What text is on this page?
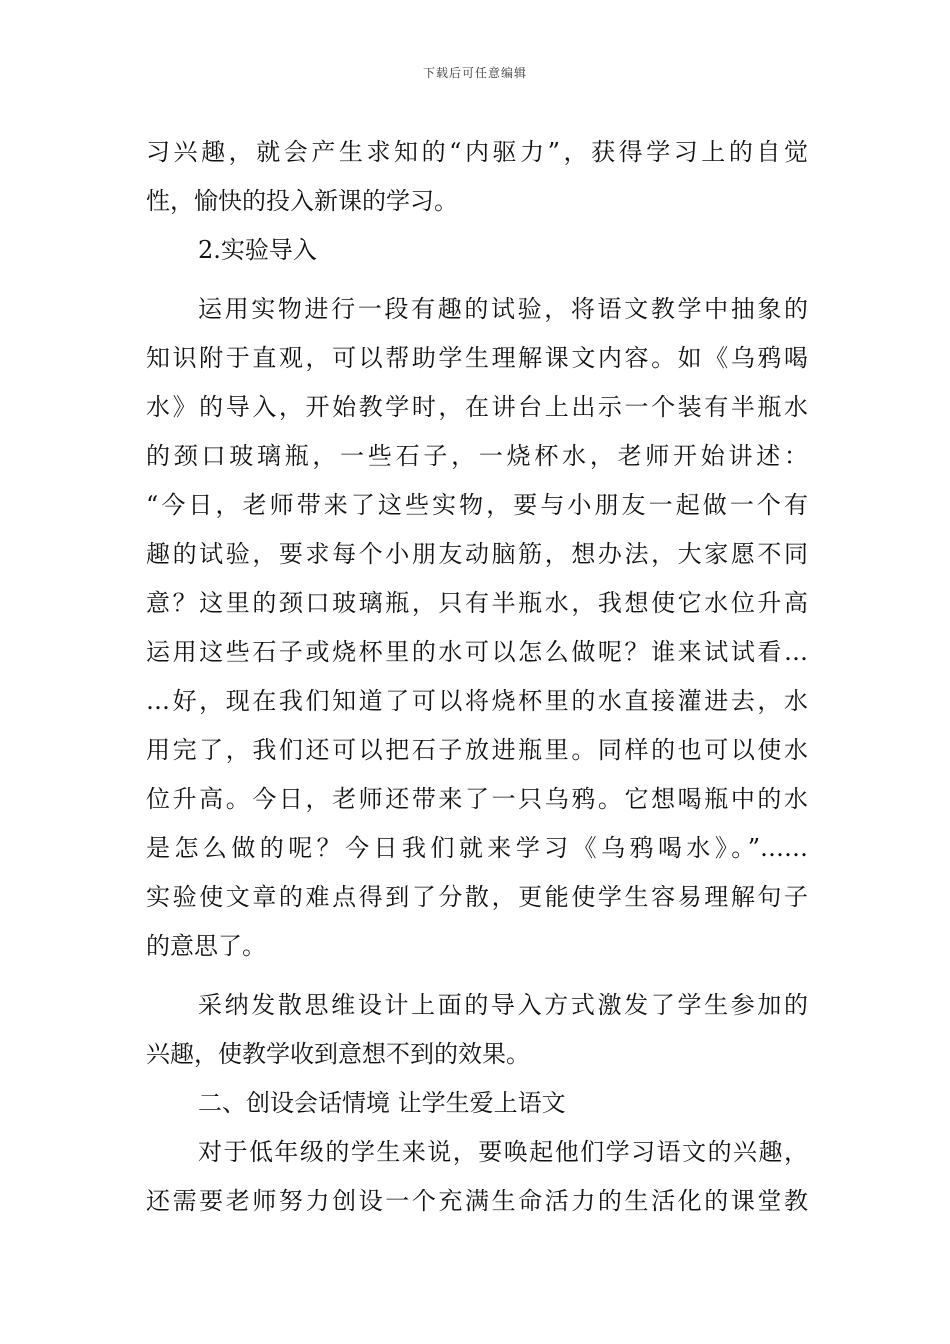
下载后可任意编辑
习兴趣，就会产生求知的“内驱力”，获得学习上的自觉
性，愉快的投入新课的学习。
2.实验导入
运用实物进行一段有趣的试验，将语文教学中抽象的
知识附于直观，可以帮助学生理解课文内容。如《乌鸦喝
水》的导入，开始教学时，在讲台上出示一个装有半瓶水
的颈口玻璃瓶，一些石子，一烧杯水，老师开始讲述：
“今日，老师带来了这些实物，要与小朋友一起做一个有
趣的试验，要求每个小朋友动脑筋，想办法，大家愿不同
意？这里的颈口玻璃瓶，只有半瓶水，我想使它水位升高
运用这些石子或烧杯里的水可以怎么做呢？谁来试试看…
…好，现在我们知道了可以将烧杯里的水直接灌进去，水
用完了，我们还可以把石子放进瓶里。同样的也可以使水
位升高。今日，老师还带来了一只乌鸦。它想喝瓶中的水
是怎么做的呢？今日我们就来学习《乌鸦喝水》。”……
实验使文章的难点得到了分散，更能使学生容易理解句子
的意思了。
采纳发散思维设计上面的导入方式激发了学生参加的
兴趣，使教学收到意想不到的效果。
二、创设会话情境 让学生爱上语文
对于低年级的学生来说，要唤起他们学习语文的兴趣，
还需要老师努力创设一个充满生命活力的生活化的课堂教
